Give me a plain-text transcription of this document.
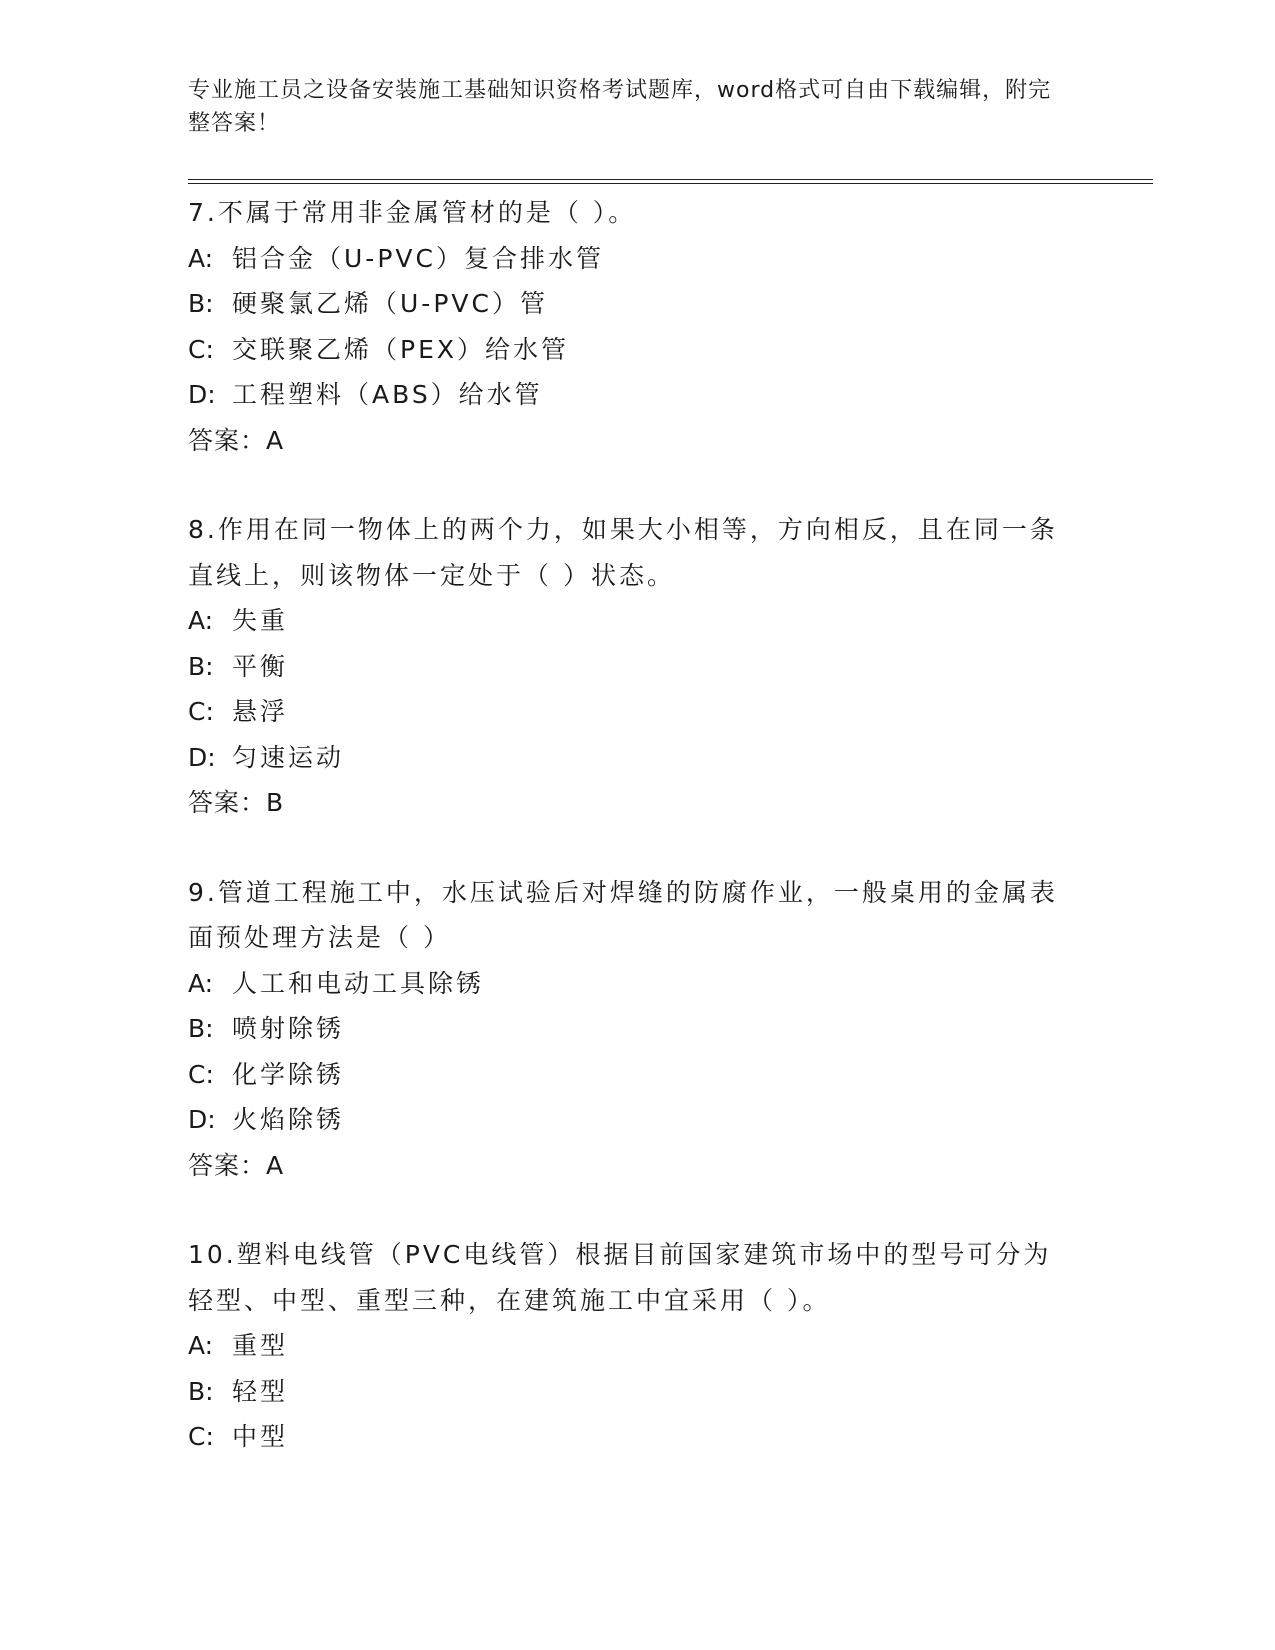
专业施工员之设备安装施工基础知识资格考试题库，word格式可自由下载编辑，附完整答案！
7.不属于常用非金属管材的是（ ）。
A: 铝合金（U-PVC）复合排水管
B: 硬聚氯乙烯（U-PVC）管
C: 交联聚乙烯（PEX）给水管
D: 工程塑料（ABS）给水管
答案：A
8.作用在同一物体上的两个力，如果大小相等，方向相反，且在同一条直线上，则该物体一定处于（ ）状态。
A: 失重
B: 平衡
C: 悬浮
D: 匀速运动
答案：B
9.管道工程施工中，水压试验后对焊缝的防腐作业，一般桌用的金属表面预处理方法是（ ）
A: 人工和电动工具除锈
B: 喷射除锈
C: 化学除锈
D: 火焰除锈
答案：A
10.塑料电线管（PVC电线管）根据目前国家建筑市场中的型号可分为轻型、中型、重型三种，在建筑施工中宜采用（ ）。
A: 重型
B: 轻型
C: 中型
